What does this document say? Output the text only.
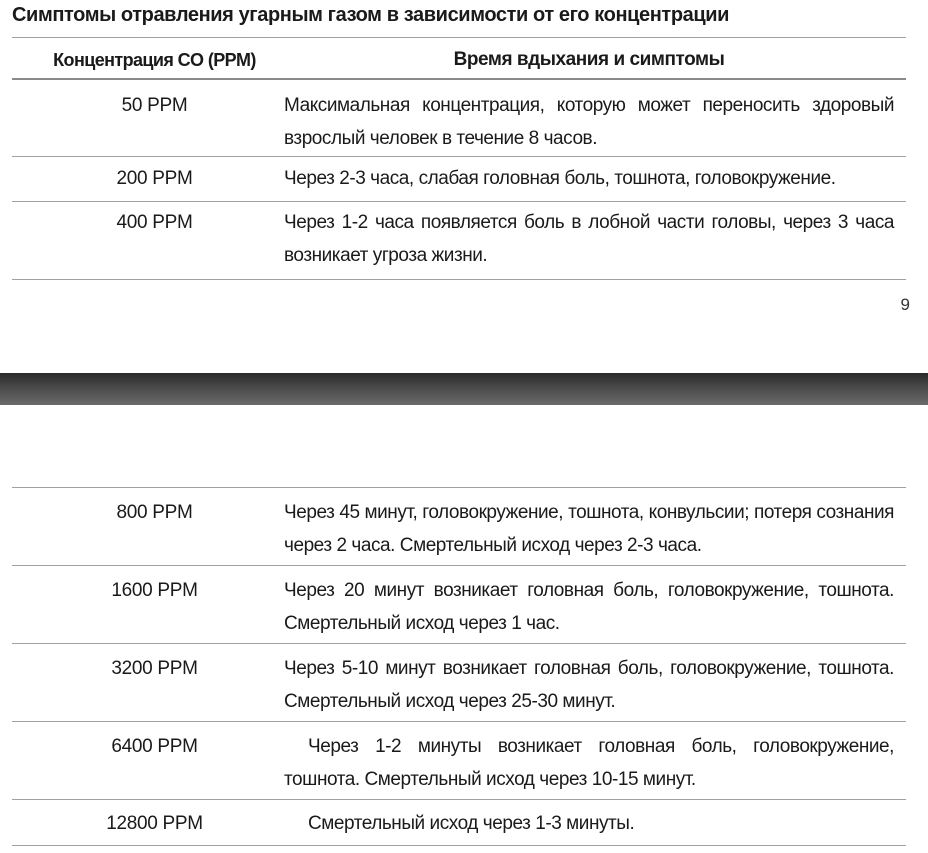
Симптомы отравления угарным газом в зависимости от его концентрации
Концентрация CO (PPM)	Время вдыхания и симптомы
50 PPM	Максимальная концентрация, которую может переносить здоровый взрослый человек в течение 8 часов.
200 PPM	Через 2-3 часа, слабая головная боль, тошнота, головокружение.
400 PPM	Через 1-2 часа появляется боль в лобной части головы, через 3 часа возникает угроза жизни.
9
800 PPM	Через 45 минут, головокружение, тошнота, конвульсии; потеря сознания через 2 часа. Смертельный исход через 2-3 часа.
1600 PPM	Через 20 минут возникает головная боль, головокружение, тошнота. Смертельный исход через 1 час.
3200 PPM	Через 5-10 минут возникает головная боль, головокружение, тошнота. Смертельный исход через 25-30 минут.
6400 PPM	Через 1-2 минуты возникает головная боль, головокружение, тошнота. Смертельный исход через 10-15 минут.
12800 PPM	Смертельный исход через 1-3 минуты.
